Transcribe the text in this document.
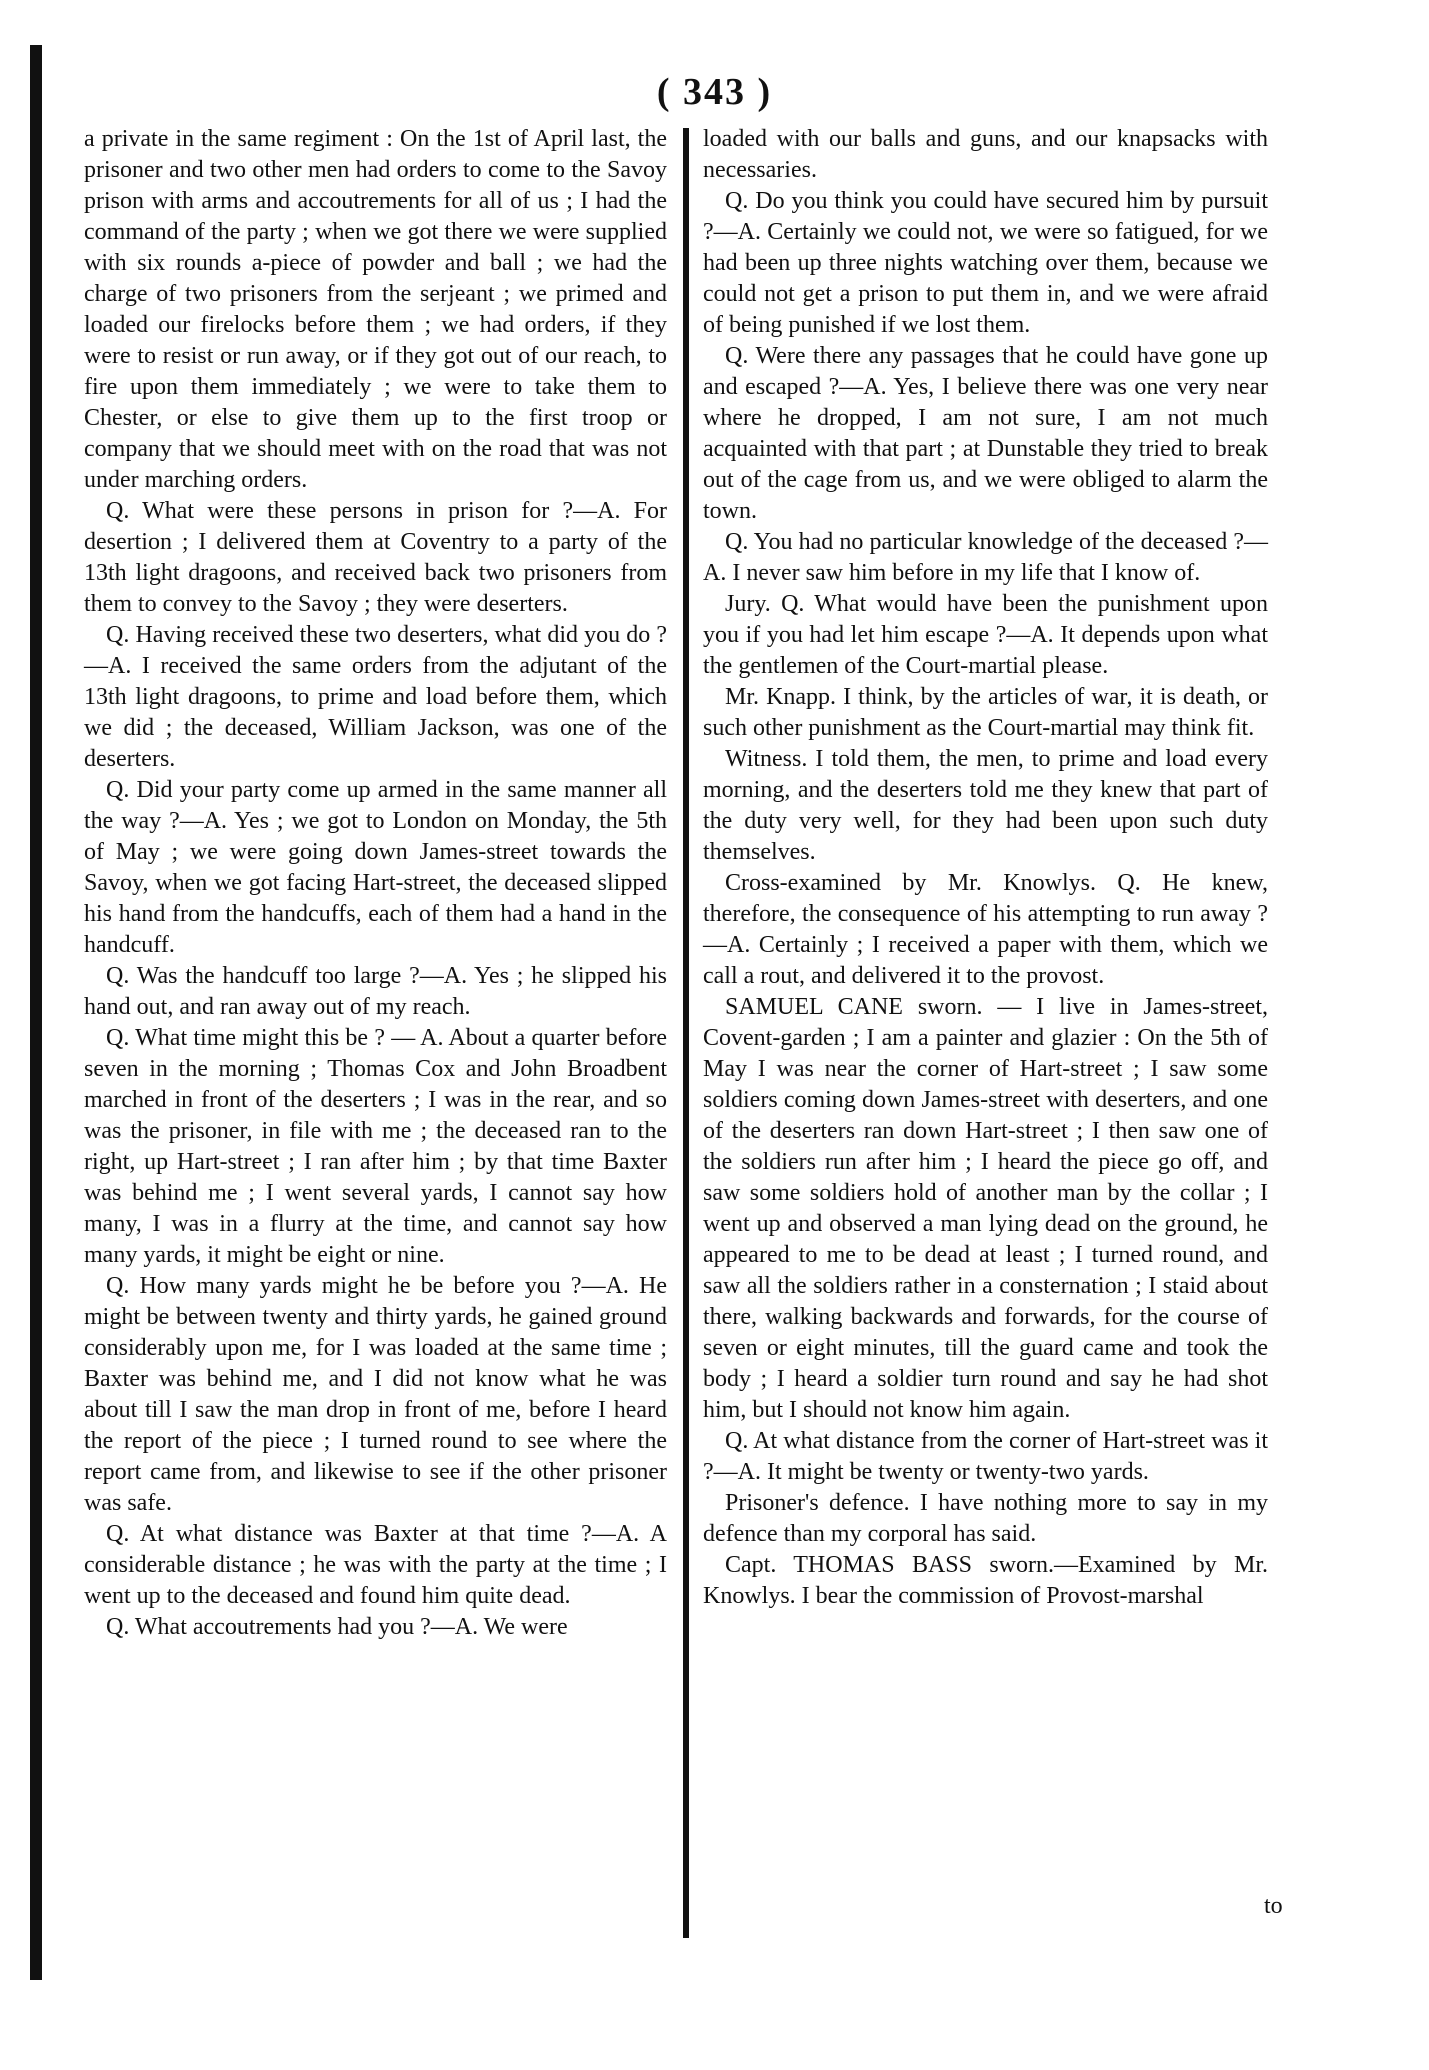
( 343 )

a private in the same regiment : On the 1st of April last, the prisoner and two other men had orders to come to the Savoy prison with arms and accoutrements for all of us ; I had the command of the party ; when we got there we were supplied with six rounds a-piece of powder and ball ; we had the charge of two prisoners from the serjeant ; we primed and loaded our firelocks before them ; we had orders, if they were to resist or run away, or if they got out of our reach, to fire upon them immediately ; we were to take them to Chester, or else to give them up to the first troop or company that we should meet with on the road that was not under marching orders.

Q. What were these persons in prison for ?—A. For desertion ; I delivered them at Coventry to a party of the 13th light dragoons, and received back two prisoners from them to convey to the Savoy ; they were deserters.

Q. Having received these two deserters, what did you do ?—A. I received the same orders from the adjutant of the 13th light dragoons, to prime and load before them, which we did ; the deceased, William Jackson, was one of the deserters.

Q. Did your party come up armed in the same manner all the way ?—A. Yes ; we got to London on Monday, the 5th of May ; we were going down James-street towards the Savoy, when we got facing Hart-street, the deceased slipped his hand from the handcuffs, each of them had a hand in the handcuff.

Q. Was the handcuff too large ?—A. Yes ; he slipped his hand out, and ran away out of my reach.

Q. What time might this be ? — A. About a quarter before seven in the morning ; Thomas Cox and John Broadbent marched in front of the deserters ; I was in the rear, and so was the prisoner, in file with me ; the deceased ran to the right, up Hart-street ; I ran after him ; by that time Baxter was behind me ; I went several yards, I cannot say how many, I was in a flurry at the time, and cannot say how many yards, it might be eight or nine.

Q. How many yards might he be before you ?—A. He might be between twenty and thirty yards, he gained ground considerably upon me, for I was loaded at the same time ; Baxter was behind me, and I did not know what he was about till I saw the man drop in front of me, before I heard the report of the piece ; I turned round to see where the report came from, and likewise to see if the other prisoner was safe.

Q. At what distance was Baxter at that time ?—A. A considerable distance ; he was with the party at the time ; I went up to the deceased and found him quite dead.

Q. What accoutrements had you ?—A. We were

loaded with our balls and guns, and our knapsacks with necessaries.

Q. Do you think you could have secured him by pursuit ?—A. Certainly we could not, we were so fatigued, for we had been up three nights watching over them, because we could not get a prison to put them in, and we were afraid of being punished if we lost them.

Q. Were there any passages that he could have gone up and escaped ?—A. Yes, I believe there was one very near where he dropped, I am not sure, I am not much acquainted with that part ; at Dunstable they tried to break out of the cage from us, and we were obliged to alarm the town.

Q. You had no particular knowledge of the deceased ?—A. I never saw him before in my life that I know of.

Jury. Q. What would have been the punishment upon you if you had let him escape ?—A. It depends upon what the gentlemen of the Court-martial please.

Mr. Knapp. I think, by the articles of war, it is death, or such other punishment as the Court-martial may think fit.

Witness. I told them, the men, to prime and load every morning, and the deserters told me they knew that part of the duty very well, for they had been upon such duty themselves.

Cross-examined by Mr. Knowlys. Q. He knew, therefore, the consequence of his attempting to run away ?—A. Certainly ; I received a paper with them, which we call a rout, and delivered it to the provost.

SAMUEL CANE sworn. — I live in James-street, Covent-garden ; I am a painter and glazier : On the 5th of May I was near the corner of Hart-street ; I saw some soldiers coming down James-street with deserters, and one of the deserters ran down Hart-street ; I then saw one of the soldiers run after him ; I heard the piece go off, and saw some soldiers hold of another man by the collar ; I went up and observed a man lying dead on the ground, he appeared to me to be dead at least ; I turned round, and saw all the soldiers rather in a consternation ; I staid about there, walking backwards and forwards, for the course of seven or eight minutes, till the guard came and took the body ; I heard a soldier turn round and say he had shot him, but I should not know him again.

Q. At what distance from the corner of Hart-street was it ?—A. It might be twenty or twenty-two yards.

Prisoner's defence. I have nothing more to say in my defence than my corporal has said.

Capt. THOMAS BASS sworn.—Examined by Mr. Knowlys. I bear the commission of Provost-marshal

to
